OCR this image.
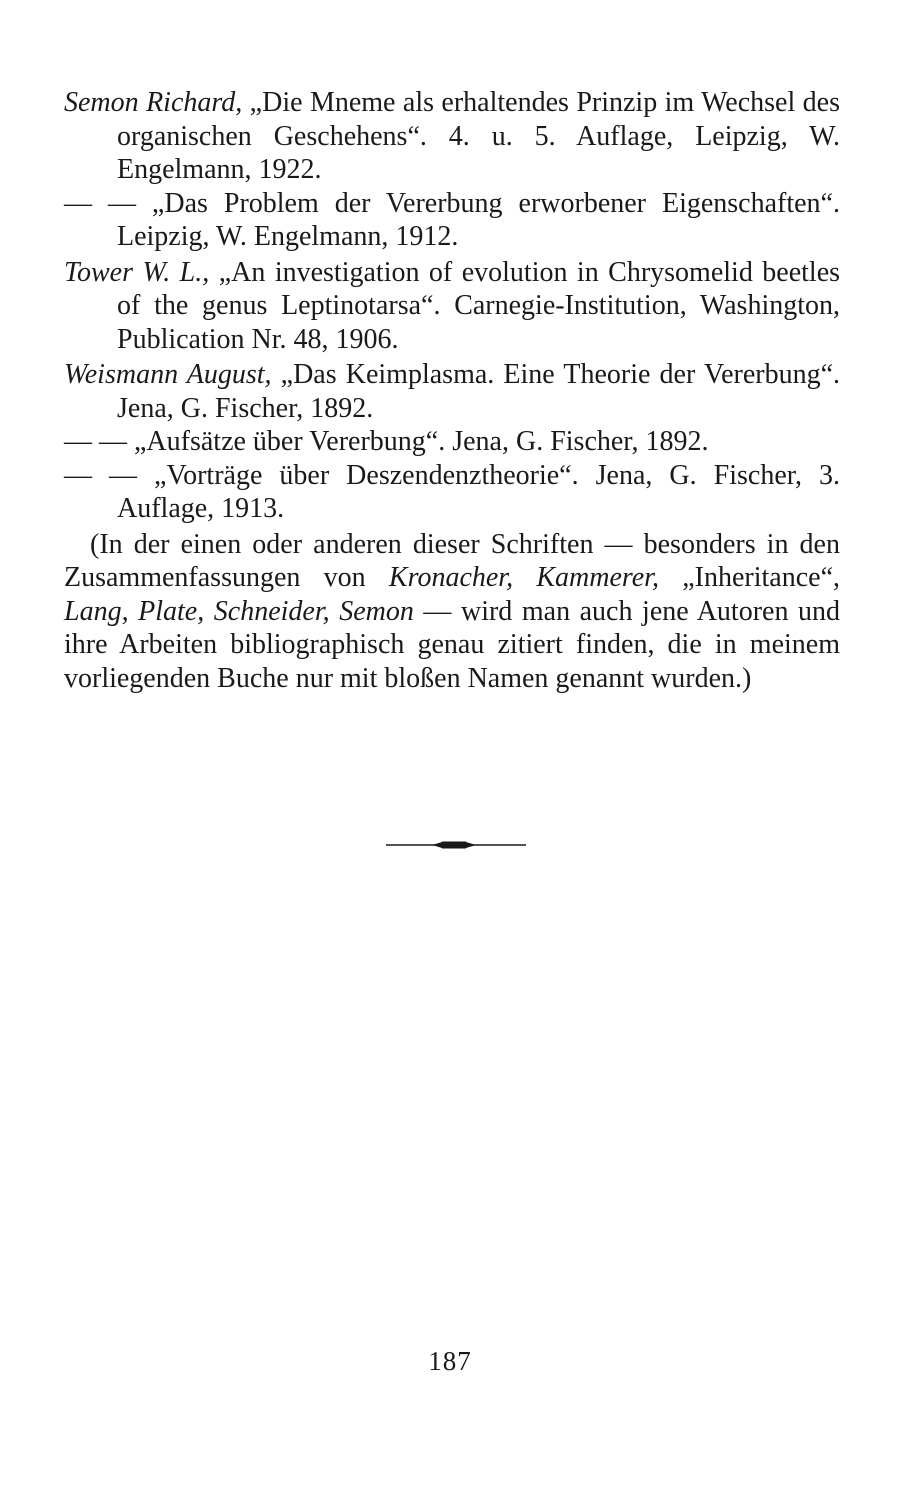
Semon Richard, „Die Mneme als erhaltendes Prinzip im Wechsel des organischen Geschehens“. 4. u. 5. Auflage, Leipzig, W. Engelmann, 1922.

— — „Das Problem der Vererbung erworbener Eigenschaften“. Leipzig, W. Engelmann, 1912.

Tower W. L., „An investigation of evolution in Chrysomelid beetles of the genus Leptinotarsa“. Carnegie-Institution, Washington, Publication Nr. 48, 1906.

Weismann August, „Das Keimplasma. Eine Theorie der Vererbung“. Jena, G. Fischer, 1892.

— — „Aufsätze über Vererbung“. Jena, G. Fischer, 1892.

— — „Vorträge über Deszendenztheorie“. Jena, G. Fischer, 3. Auflage, 1913.

(In der einen oder anderen dieser Schriften — besonders in den Zusammenfassungen von Kronacher, Kammerer, „Inheritance“, Lang, Plate, Schneider, Semon — wird man auch jene Autoren und ihre Arbeiten bibliographisch genau zitiert finden, die in meinem vorliegenden Buche nur mit bloßen Namen genannt wurden.)

187
